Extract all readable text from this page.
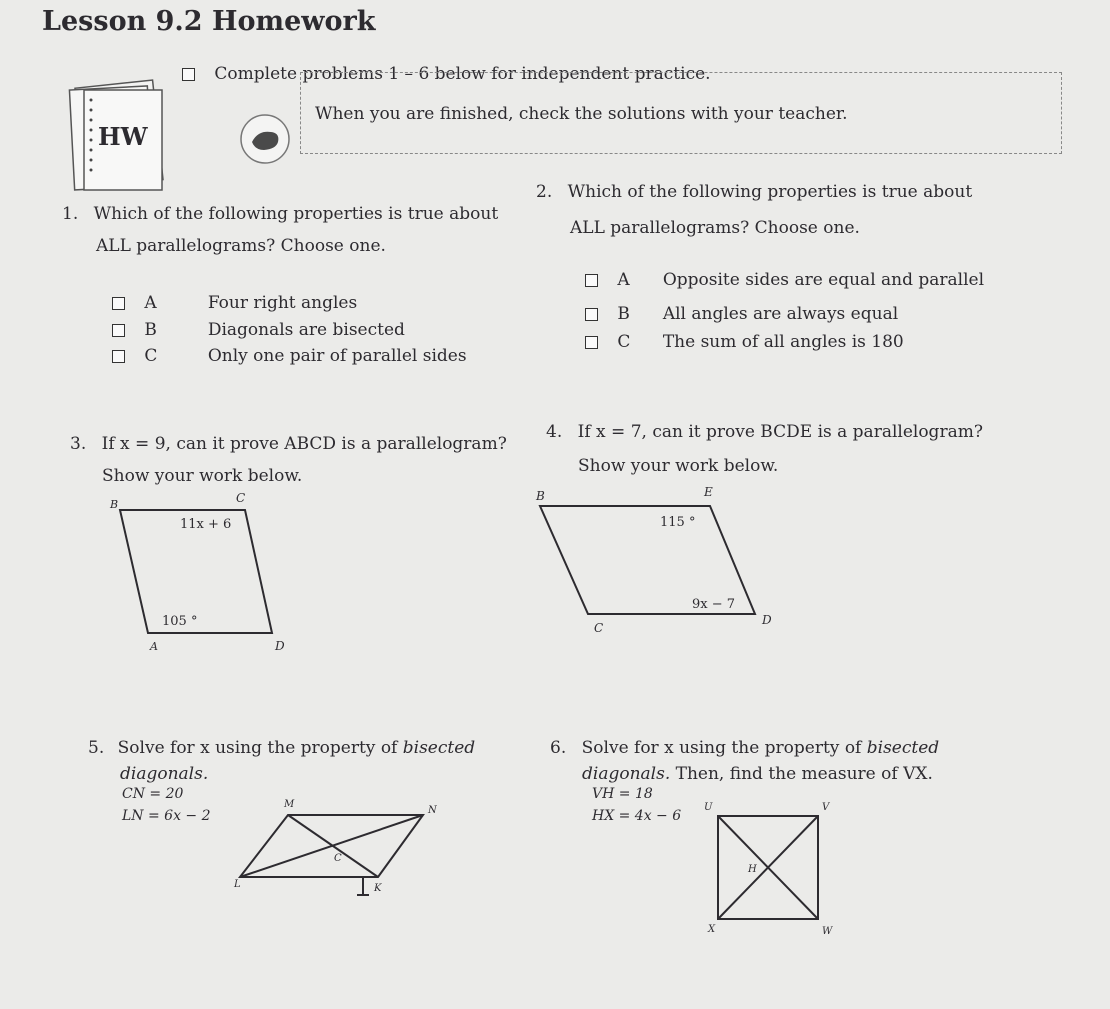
Lesson 9.2 Homework
Complete problems 1 – 6 below for independent practice.
HW
When you are finished, check the solutions with your teacher.
1. Which of the following properties is true about
ALL parallelograms? Choose one.
A	Four right angles
B	Diagonals are bisected
C	Only one pair of parallel sides
2. Which of the following properties is true about
ALL parallelograms? Choose one.
A Opposite sides are equal and parallel
B All angles are always equal
C The sum of all angles is 180
3. If x = 9, can it prove ABCD is a parallelogram?
Show your work below.
B	C
11x + 6
105 °
A	D
4. If x = 7, can it prove BCDE is a parallelogram?
Show your work below.
B	E
115 °
9x − 7
C
D
5. Solve for x using the property of bisected
diagonals.
CN = 20
LN = 6x − 2
M
N
C
L	K
6. Solve for x using the property of bisected
diagonals. Then, find the measure of VX.
VH = 18
HX = 4x − 6
U	V
H
X	W
